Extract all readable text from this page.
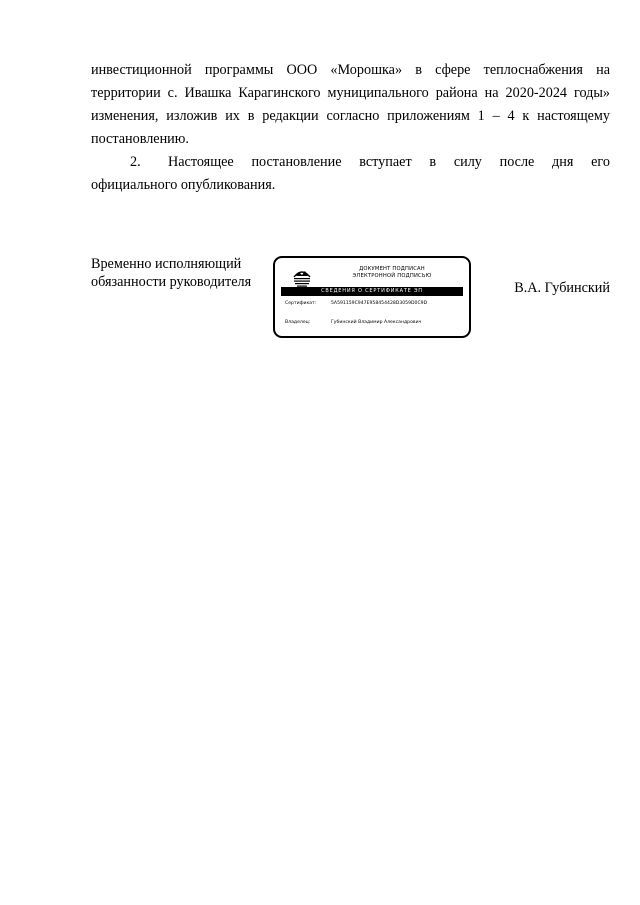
инвестиционной программы ООО «Морошка» в сфере теплоснабжения на
территории с. Ивашка Карагинского муниципального района на 2020-2024 годы»
изменения, изложив их в редакции согласно приложениям 1 – 4 к настоящему
постановлению.
2. Настоящее постановление вступает в силу после дня его
официального опубликования.
Временно исполняющий
обязанности руководителя
ДОКУМЕНТ ПОДПИСАН
ЭЛЕКТРОННОЙ ПОДПИСЬЮ
СВЕДЕНИЯ О СЕРТИФИКАТЕ ЭП
Сертификат:	5A591159C947E958454428D3059D0C9D
Владелец:	Губинский Владимир Александрович
В.А. Губинский
